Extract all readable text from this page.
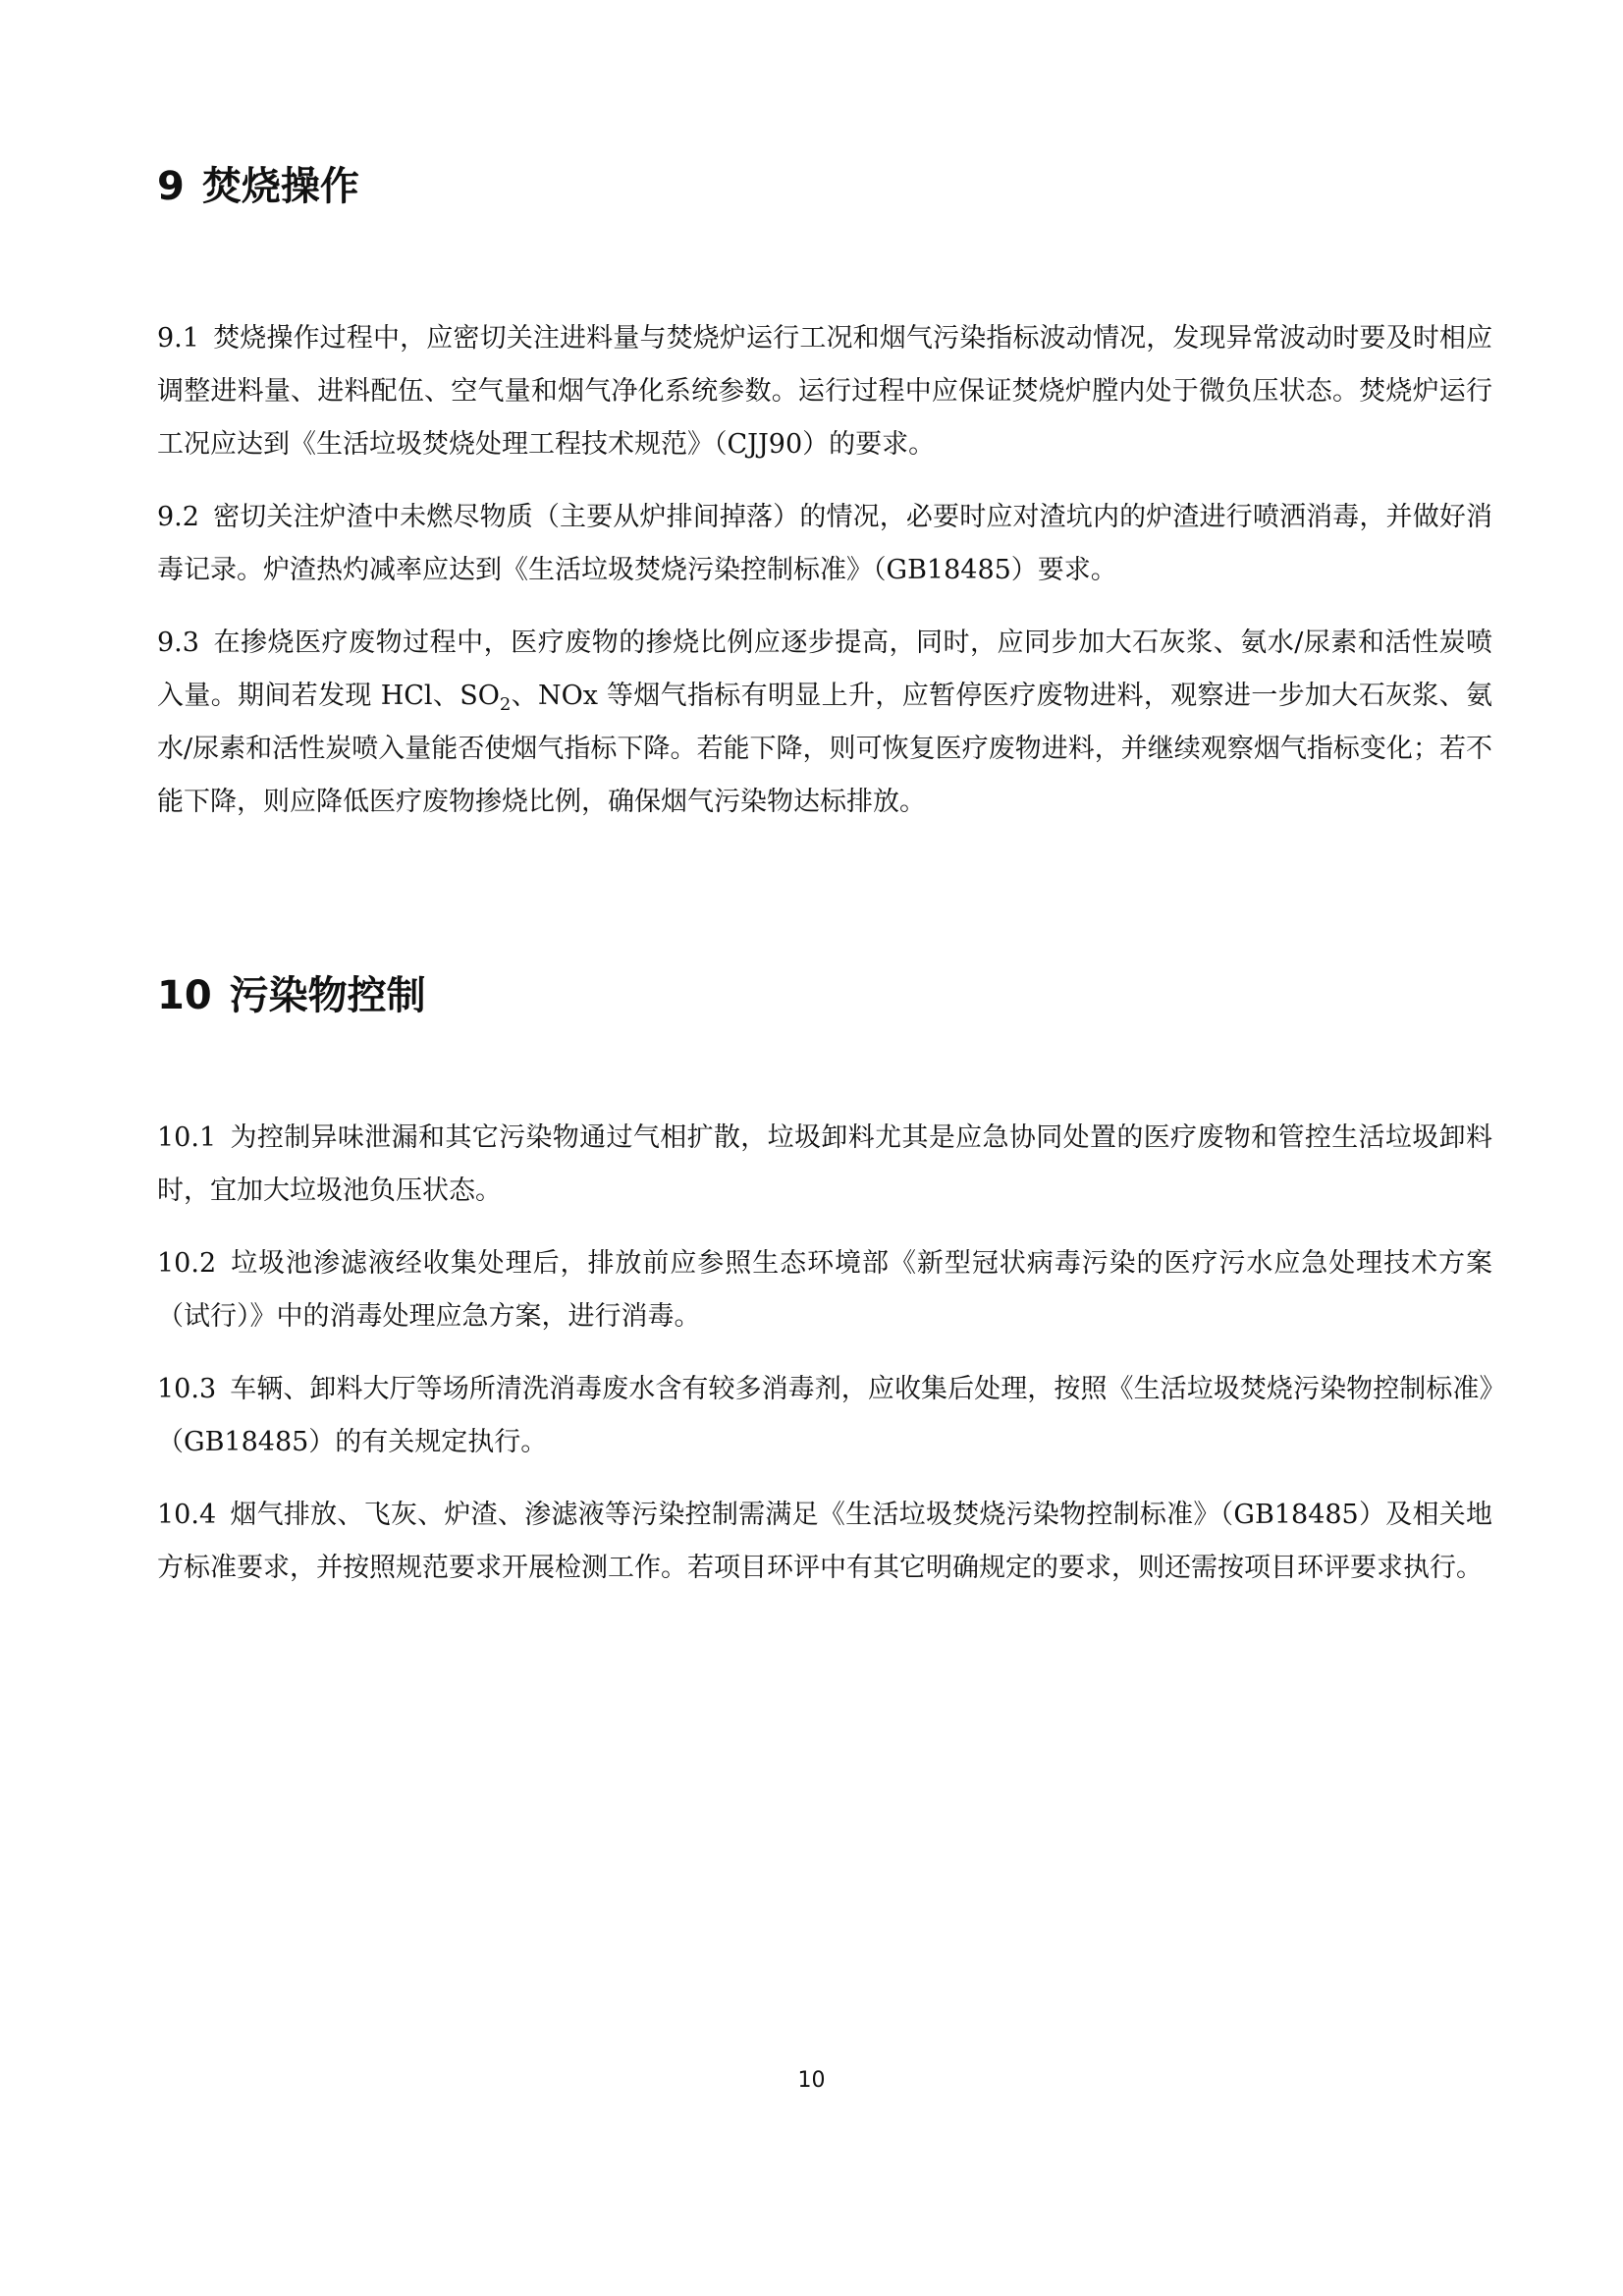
9 焚烧操作

9.1 焚烧操作过程中，应密切关注进料量与焚烧炉运行工况和烟气污染指标波动情况，发现异常波动时要及时相应调整进料量、进料配伍、空气量和烟气净化系统参数。运行过程中应保证焚烧炉膛内处于微负压状态。焚烧炉运行工况应达到《生活垃圾焚烧处理工程技术规范》（CJJ90）的要求。

9.2 密切关注炉渣中未燃尽物质（主要从炉排间掉落）的情况，必要时应对渣坑内的炉渣进行喷洒消毒，并做好消毒记录。炉渣热灼减率应达到《生活垃圾焚烧污染控制标准》（GB18485）要求。

9.3 在掺烧医疗废物过程中，医疗废物的掺烧比例应逐步提高，同时，应同步加大石灰浆、氨水/尿素和活性炭喷入量。期间若发现 HCl、$SO_2$、NOx 等烟气指标有明显上升，应暂停医疗废物进料，观察进一步加大石灰浆、氨水/尿素和活性炭喷入量能否使烟气指标下降。若能下降，则可恢复医疗废物进料，并继续观察烟气指标变化；若不能下降，则应降低医疗废物掺烧比例，确保烟气污染物达标排放。

10 污染物控制

10.1 为控制异味泄漏和其它污染物通过气相扩散，垃圾卸料尤其是应急协同处置的医疗废物和管控生活垃圾卸料时，宜加大垃圾池负压状态。

10.2 垃圾池渗滤液经收集处理后，排放前应参照生态环境部《新型冠状病毒污染的医疗污水应急处理技术方案（试行）》中的消毒处理应急方案，进行消毒。

10.3 车辆、卸料大厅等场所清洗消毒废水含有较多消毒剂，应收集后处理，按照《生活垃圾焚烧污染物控制标准》（GB18485）的有关规定执行。

10.4 烟气排放、飞灰、炉渣、渗滤液等污染控制需满足《生活垃圾焚烧污染物控制标准》（GB18485）及相关地方标准要求，并按照规范要求开展检测工作。若项目环评中有其它明确规定的要求，则还需按项目环评要求执行。

10
